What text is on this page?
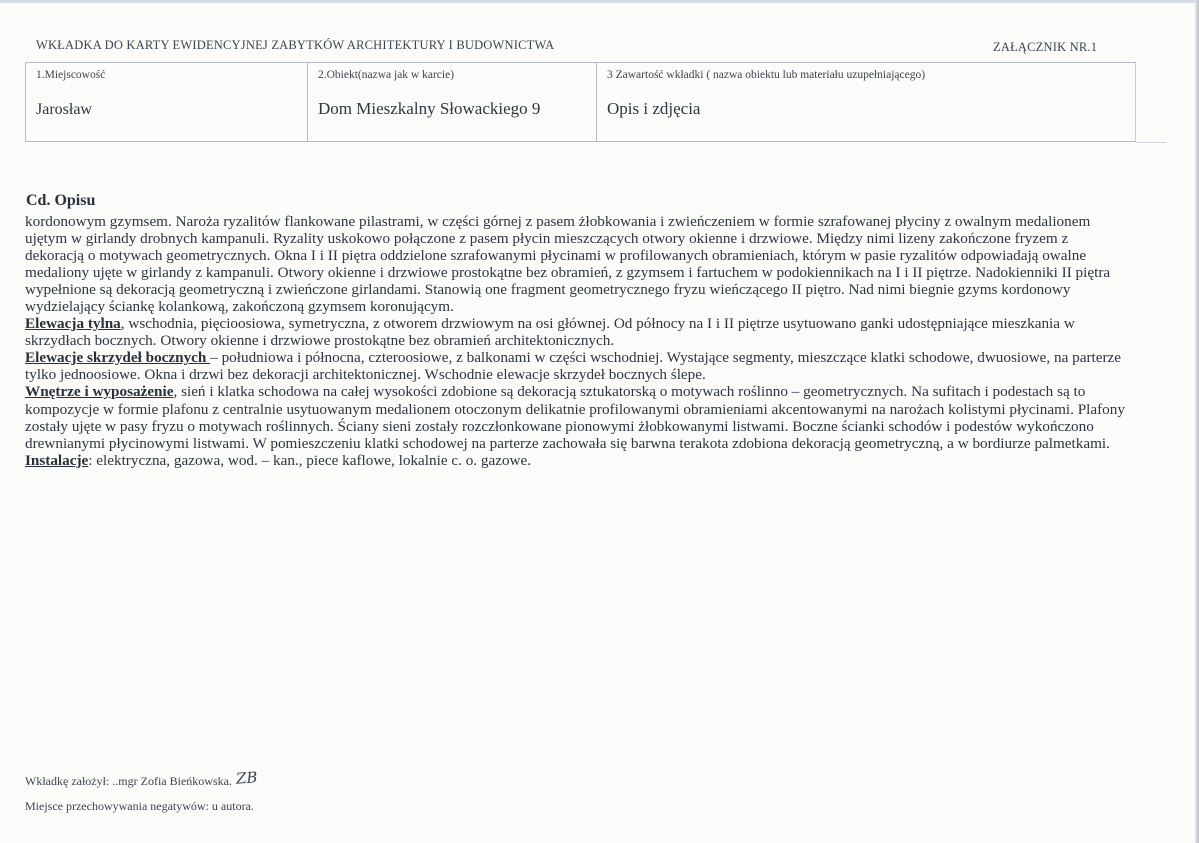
WKŁADKA DO KARTY EWIDENCYJNEJ ZABYTKÓW ARCHITEKTURY I BUDOWNICTWA	ZAŁĄCZNIK NR.1
1.Miejscowość
Jarosław
2.Obiekt(nazwa jak w karcie)
Dom Mieszkalny Słowackiego 9
3 Zawartość wkładki ( nazwa obiektu lub materiału uzupełniającego)
Opis i zdjęcia
Cd. Opisu

kordonowym gzymsem. Naroża ryzalitów flankowane pilastrami, w części górnej z pasem żłobkowania i zwieńczeniem w formie szrafowanej płyciny z owalnym medalionem ujętym w girlandy drobnych kampanuli. Ryzality uskokowo połączone z pasem płycin mieszczących otwory okienne i drzwiowe. Między nimi lizeny zakończone fryzem z dekoracją o motywach geometrycznych. Okna I i II piętra oddzielone szrafowanymi płycinami w profilowanych obramieniach, którym w pasie ryzalitów odpowiadają owalne medaliony ujęte w girlandy z kampanuli. Otwory okienne i drzwiowe prostokątne bez obramień, z gzymsem i fartuchem w podokiennikach na I i II piętrze. Nadokienniki II piętra wypełnione są dekoracją geometryczną i zwieńczone girlandami. Stanowią one fragment geometrycznego fryzu wieńczącego II piętro. Nad nimi biegnie gzyms kordonowy wydzielający ściankę kolankową, zakończoną gzymsem koronującym.

Elewacja tylna, wschodnia, pięcioosiowa, symetryczna, z otworem drzwiowym na osi głównej. Od północy na I i II piętrze usytuowano ganki udostępniające mieszkania w skrzydłach bocznych. Otwory okienne i drzwiowe prostokątne bez obramień architektonicznych.

Elewacje skrzydeł bocznych – południowa i północna, czteroosiowe, z balkonami w części wschodniej. Wystające segmenty, mieszczące klatki schodowe, dwuosiowe, na parterze tylko jednoosiowe. Okna i drzwi bez dekoracji architektonicznej. Wschodnie elewacje skrzydeł bocznych ślepe.

Wnętrze i wyposażenie, sień i klatka schodowa na całej wysokości zdobione są dekoracją sztukatorską o motywach roślinno – geometrycznych. Na sufitach i podestach są to kompozycje w formie plafonu z centralnie usytuowanym medalionem otoczonym delikatnie profilowanymi obramieniami akcentowanymi na narożach kolistymi płycinami. Plafony zostały ujęte w pasy fryzu o motywach roślinnych. Ściany sieni zostały rozczłonkowane pionowymi żłobkowanymi listwami. Boczne ścianki schodów i podestów wykończono drewnianymi płycinowymi listwami. W pomieszczeniu klatki schodowej na parterze zachowała się barwna terakota zdobiona dekoracją geometryczną, a w bordiurze palmetkami.

Instalacje: elektryczna, gazowa, wod. – kan., piece kaflowe, lokalnie c. o. gazowe.

Wkładkę założył: ..mgr Zofia Bieńkowska. ZB
Miejsce przechowywania negatywów: u autora.
